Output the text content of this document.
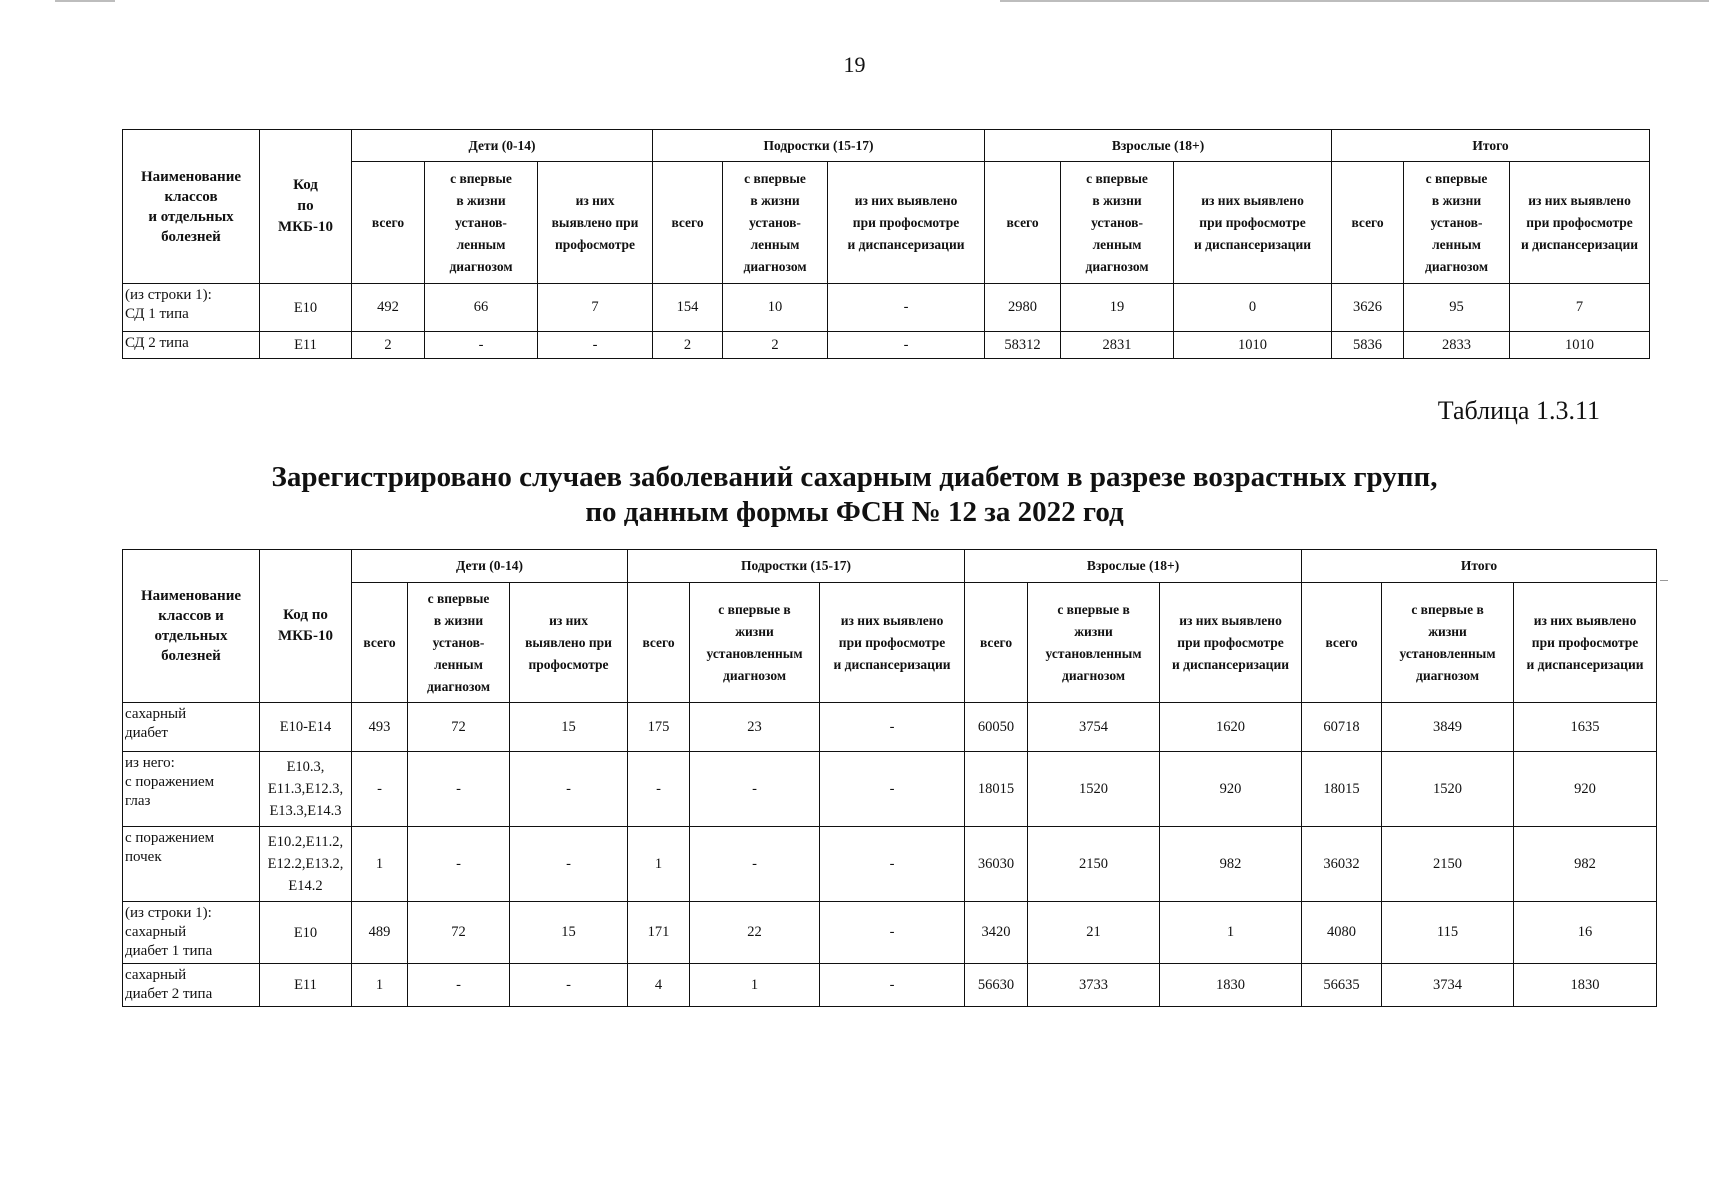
19
Наименование
классов
и отдельных
болезней	Код
по
МКБ-10	Дети (0-14)			Подростки (15-17)			Взрослые (18+)			Итого		
		всего	с впервые
в жизни
установ-
ленным
диагнозом	из них
выявлено при
профосмотре	всего	с впервые
в жизни
установ-
ленным
диагнозом	из них выявлено
при профосмотре
и диспансеризации	всего	с впервые
в жизни
установ-
ленным
диагнозом	из них выявлено
при профосмотре
и диспансеризации	всего	с впервые
в жизни
установ-
ленным
диагнозом	из них выявлено
при профосмотре
и диспансеризации
(из строки 1):
СД 1 типа	Е10	492	66	7	154	10	-	2980	19	0	3626	95	7
СД 2 типа	Е11	2	-	-	2	2	-	58312	2831	1010	5836	2833	1010
Таблица 1.3.11
Зарегистрировано случаев заболеваний сахарным диабетом в разрезе возрастных групп,
по данным формы ФСН № 12 за 2022 год
Наименование
классов и
отдельных
болезней	Код по
МКБ-10	Дети (0-14)			Подростки (15-17)			Взрослые (18+)			Итого		
		всего	с впервые
в жизни
установ-
ленным
диагнозом	из них
выявлено при
профосмотре	всего	с впервые в
жизни
установленным
диагнозом	из них выявлено
при профосмотре
и диспансеризации	всего	с впервые в
жизни
установленным
диагнозом	из них выявлено
при профосмотре
и диспансеризации	всего	с впервые в
жизни
установленным
диагнозом	из них выявлено
при профосмотре
и диспансеризации
сахарный
диабет	Е10-Е14	493	72	15	175	23	-	60050	3754	1620	60718	3849	1635
из него:
с поражением
глаз	Е10.3,
Е11.3,Е12.3,
Е13.3,Е14.3	-	-	-	-	-	-	18015	1520	920	18015	1520	920
с поражением
почек	Е10.2,Е11.2,
Е12.2,Е13.2,
Е14.2	1	-	-	1	-	-	36030	2150	982	36032	2150	982
(из строки 1):
сахарный
диабет 1 типа	Е10	489	72	15	171	22	-	3420	21	1	4080	115	16
сахарный
диабет 2 типа	Е11	1	-	-	4	1	-	56630	3733	1830	56635	3734	1830
